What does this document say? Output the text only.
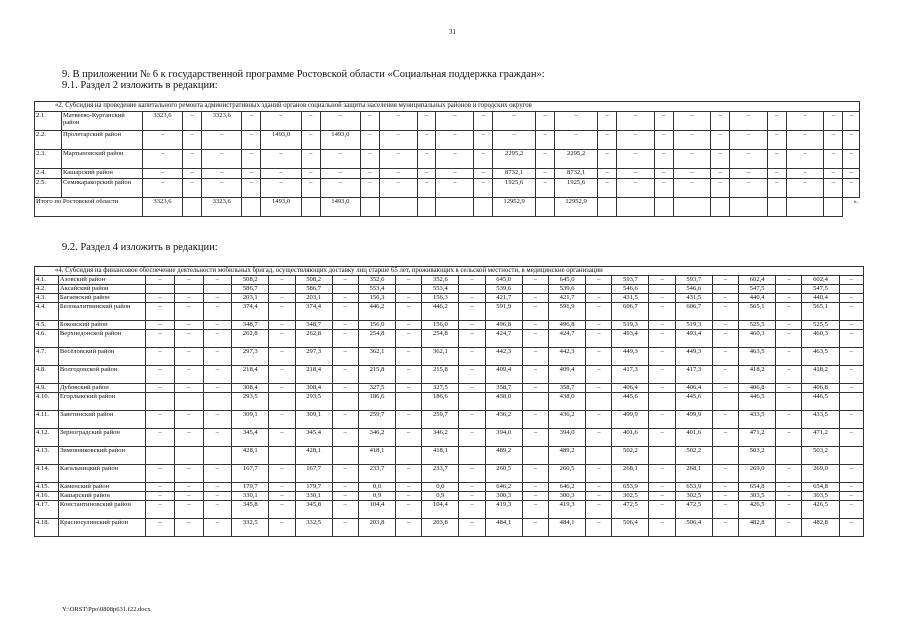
31
9. В приложении № 6 к государственной программе Ростовской области «Социальная поддержка граждан»:
9.1. Раздел 2 изложить в редакции:
«2. Субсидия на проведение капитального ремонта административных зданий органов социальной защиты населения муниципальных районов и городских округов																										
2.1.	Матвеево-Курганский район	3323,6	–	3323,6	–	–	–	–	–	–	–	–	–	–	–	–	–	–	–	–	–	–	–	–	–	–
2.2.	Пролетарский район	–	–	–	–	1493,0	–	1493,0	–	–	–	–	–	–	–	–	–	–	–	–	–	–	–	–	–	–
2.3.	Мартыновский район	–	–	–	–	–	–	–	–	–	–	–	–	2295,2	–	2295,2	–	–	–	–	–	–	–	–	–	–
2.4.	Кашарский район	–	–	–	–	–	–	–	–	–	–	–	–	8732,1	–	8732,1	–	–	–	–	–	–	–	–	–	–
2.5.	Семикаракорский район	–	–	–	–	–	–	–	–	–	–	–	–	1925,6	–	1925,6	–	–	–	–	–	–	–	–	–	–
Итого по Ростовской области		3323,6		3323,6		1493,0		1493,0						12952,9		12952,9										».
9.2. Раздел 4 изложить в редакции:
«4. Субсидия на финансовое обеспечение деятельности мобильных бригад, осуществляющих доставку лиц старше 65 лет, проживающих в сельской местности, в медицинские организации																								
4.1.	Азовский район	–	–	–	508,2	–	508,2	–	352,6	–	352,6	–	645,0	–	645,0	–	593,7	–	593,7	–	602,4	–	602,4	–
4.2.	Аксайский район				586,7		586,7		553,4		553,4		539,6		539,6		546,6		546,6		547,5		547,5	
4.3.	Багаевский район	–	–	–	203,1	–	203,1	–	156,3	–	156,3	–	421,7	–	421,7	–	431,5	–	431,5	–	440,4	–	440,4	–
4.4.	Белокалитвинский район	–	–	–	374,4	–	374,4	–	446,2	–	446,2	–	591,9	–	591,9	–	606,7	–	606,7	–	565,1	–	565,1	–
4.5.	Боковский район	–	–	–	348,7	–	348,7	–	156,0	–	156,0	–	496,8	–	496,8	–	519,3	–	519,3	–	525,5	–	525,5	–
4.6.	Верхнедонской район	–	–	–	262,8	–	262,8	–	254,8	–	254,8	–	424,7	–	424,7	–	493,4	–	493,4	–	460,3	–	460,3	–
4.7.	Весёловский район	–	–	–	297,3	–	297,3	–	362,1	–	362,1	–	442,3	–	442,3	–	449,3	–	449,3	–	463,5	–	463,5	–
4.8.	Волгодонской район	–	–	–	218,4	–	218,4	–	215,8	–	215,8	–	409,4	–	409,4	–	417,3	–	417,3	–	418,2	–	418,2	–
4.9.	Дубовский район	–	–	–	308,4	–	308,4	–	327,5	–	327,5	–	358,7	–	358,7	–	406,4	–	406,4	–	406,8	–	406,8	–
4.10.	Егорлыкский район				293,5		293,5		186,6		186,6		438,0		438,0		445,6		445,6		446,5		446,5	
4.11.	Заветинский район	–	–	–	309,1	–	309,1	–	259,7	–	259,7	–	436,2	–	436,2	–	499,9	–	499,9	–	433,5	–	433,5	–
4.12.	Зерноградский район	–	–	–	345,4	–	345,4	–	346,2	–	346,2	–	394,0	–	394,0	–	401,6	–	401,6	–	471,2	–	471,2	–
4.13.	Зимовниковский район				428,1		428,1		418,1		418,1		489,2		489,2		502,2		502,2		503,2		503,2	
4.14.	Кагальницкий район	–	–	–	167,7	–	167,7	–	233,7	–	233,7	–	260,5	–	260,5	–	268,1	–	268,1	–	269,0	–	269,0	–
4.15.	Каменский район	–	–	–	179,7	–	179,7	–	0,0	–	0,0	–	646,2	–	646,2	–	653,9	–	653,9	–	654,8	–	654,8	–
4.16.	Кашарский район	–	–	–	330,1	–	330,1	–	0,9	–	0,9	–	300,3	–	300,3	–	302,5	–	302,5	–	303,5	–	303,5	–
4.17.	Константиновский район	–	–	–	345,8	–	345,8	–	104,4	–	104,4	–	419,3	–	419,3	–	472,5	–	472,5	–	426,5	–	426,5	–
4.18.	Красносулинский район	–	–	–	332,5	–	332,5	–	203,8	–	203,8	–	484,1	–	484,1	–	506,4	–	506,4	–	482,8	–	482,8	–
Y:\ORST\Ppo\0808p631.f22.docx
